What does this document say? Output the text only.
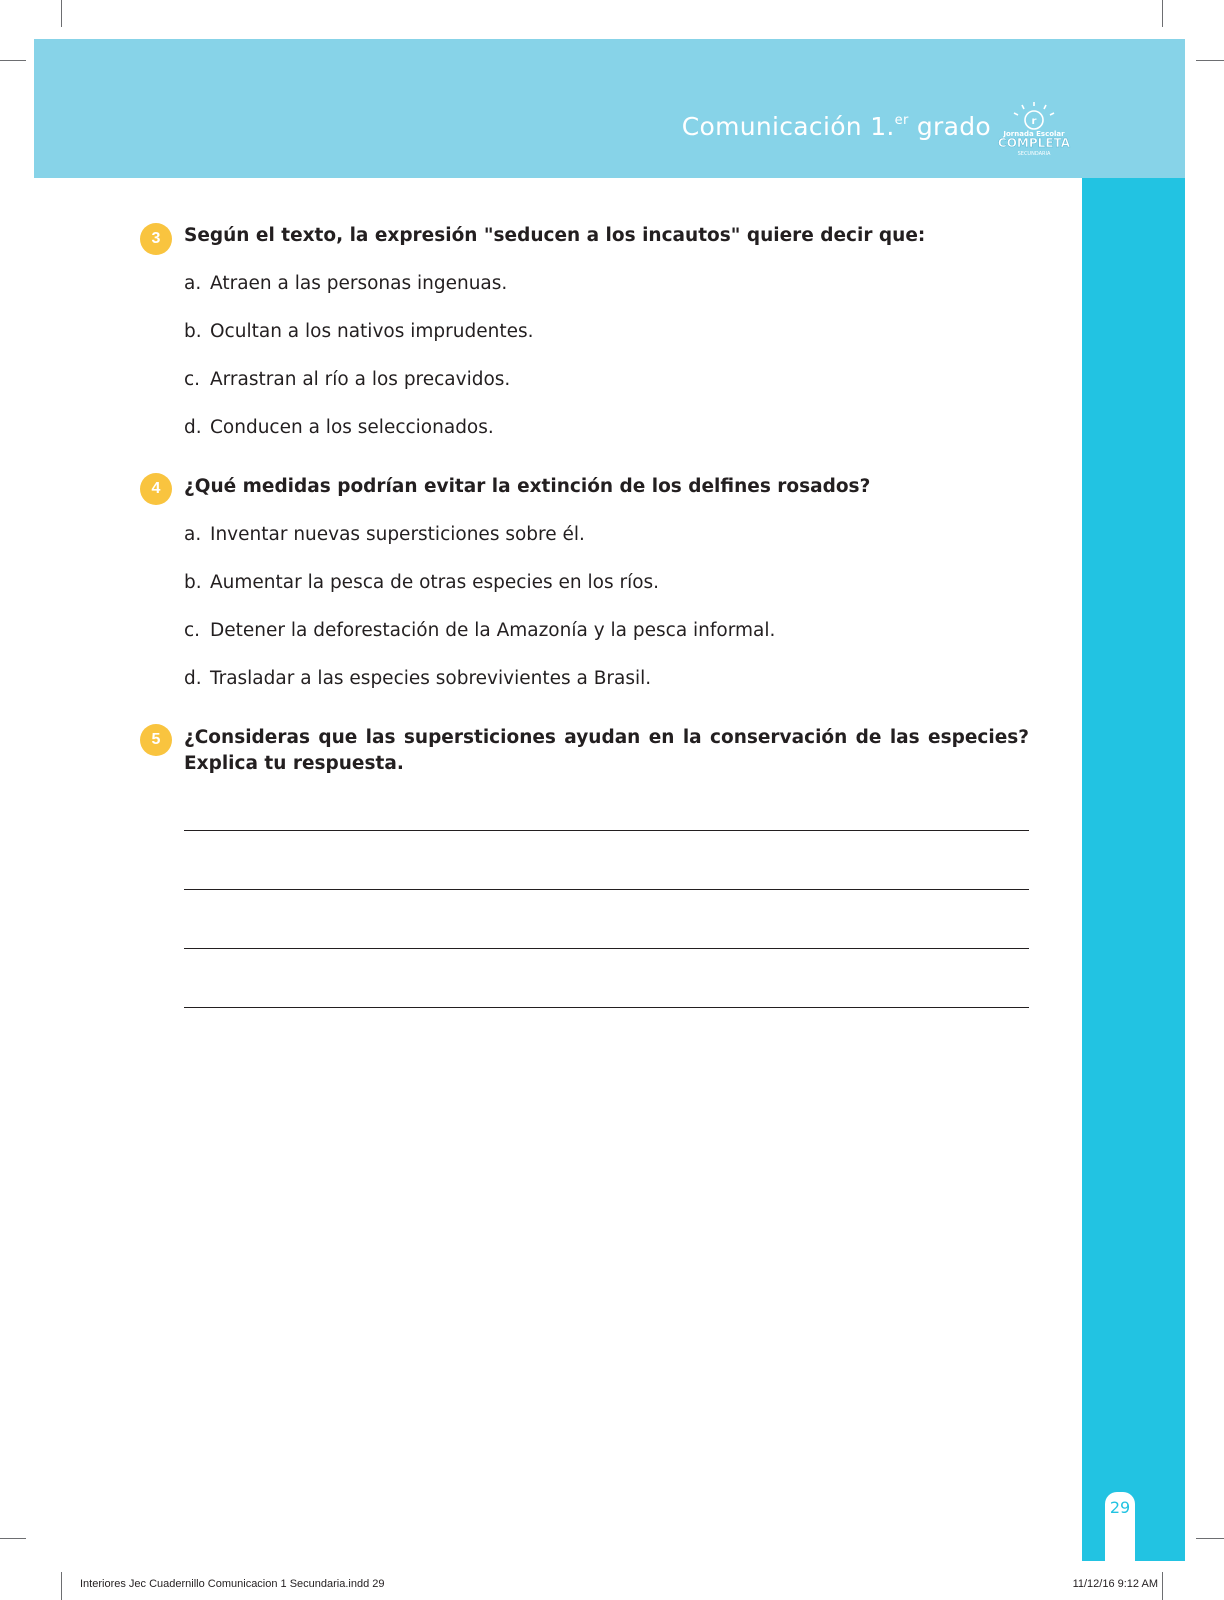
Comunicación 1.$^{er}$ grado	r
Jornada Escolar
COMPLETA
SECUNDARIA
29
3	Según el texto, la expresión "seducen a los incautos" quiere decir que:
a. Atraen a las personas ingenuas.
b. Ocultan a los nativos imprudentes.
c. Arrastran al río a los precavidos.
d. Conducen a los seleccionados.
4	¿Qué medidas podrían evitar la extinción de los delfines rosados?
a. Inventar nuevas supersticiones sobre él.
b. Aumentar la pesca de otras especies en los ríos.
c. Detener la deforestación de la Amazonía y la pesca informal.
d. Trasladar a las especies sobrevivientes a Brasil.
5	¿Consideras que las supersticiones ayudan en la conservación de las especies? Explica tu respuesta.
Interiores Jec Cuadernillo Comunicacion 1 Secundaria.indd 29	11/12/16 9:12 AM
